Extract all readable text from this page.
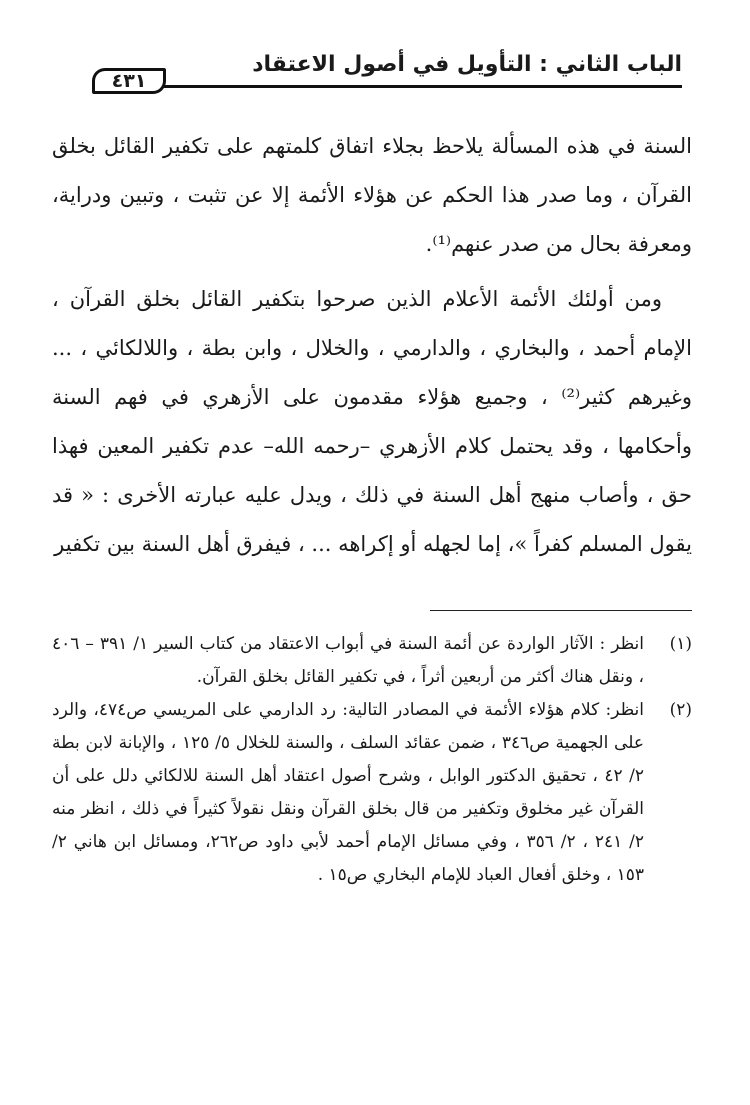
الباب الثاني : التأويل في أصول الاعتقاد
٤٣١

السنة في هذه المسألة يلاحظ بجلاء اتفاق كلمتهم على تكفير القائل بخلق القرآن ، وما صدر هذا الحكم عن هؤلاء الأئمة إلا عن تثبت ، وتبين ودراية، ومعرفة بحال من صدر عنهم⁽¹⁾.

ومن أولئك الأئمة الأعلام الذين صرحوا بتكفير القائل بخلق القرآن ، الإمام أحمد ، والبخاري ، والدارمي ، والخلال ، وابن بطة ، واللالكائي ، ... وغيرهم كثير⁽²⁾ ، وجميع هؤلاء مقدمون على الأزهري في فهم السنة وأحكامها ، وقد يحتمل كلام الأزهري –رحمه الله– عدم تكفير المعين فهذا حق ، وأصاب منهج أهل السنة في ذلك ، ويدل عليه عبارته الأخرى : « قد يقول المسلم كفراً »، إما لجهله أو إكراهه ... ، فيفرق أهل السنة بين تكفير

(١)
انظر : الآثار الواردة عن أئمة السنة في أبواب الاعتقاد من كتاب السير ١/ ٣٩١ – ٤٠٦ ، ونقل هناك أكثر من أربعين أثراً ، في تكفير القائل بخلق القرآن.
(٢)
انظر: كلام هؤلاء الأئمة في المصادر التالية: رد الدارمي على المريسي ص٤٧٤، والرد على الجهمية ص٣٤٦ ، ضمن عقائد السلف ، والسنة للخلال ٥/ ١٢٥ ، والإبانة لابن بطة ٢/ ٤٢ ، تحقيق الدكتور الوابل ، وشرح أصول اعتقاد أهل السنة للالكائي دلل على أن القرآن غير مخلوق وتكفير من قال بخلق القرآن ونقل نقولاً كثيراً في ذلك ، انظر منه ٢/ ٢٤١ ، ٢/ ٣٥٦ ، وفي مسائل الإمام أحمد لأبي داود ص٢٦٢، ومسائل ابن هاني ٢/ ١٥٣ ، وخلق أفعال العباد للإمام البخاري ص١٥ .
